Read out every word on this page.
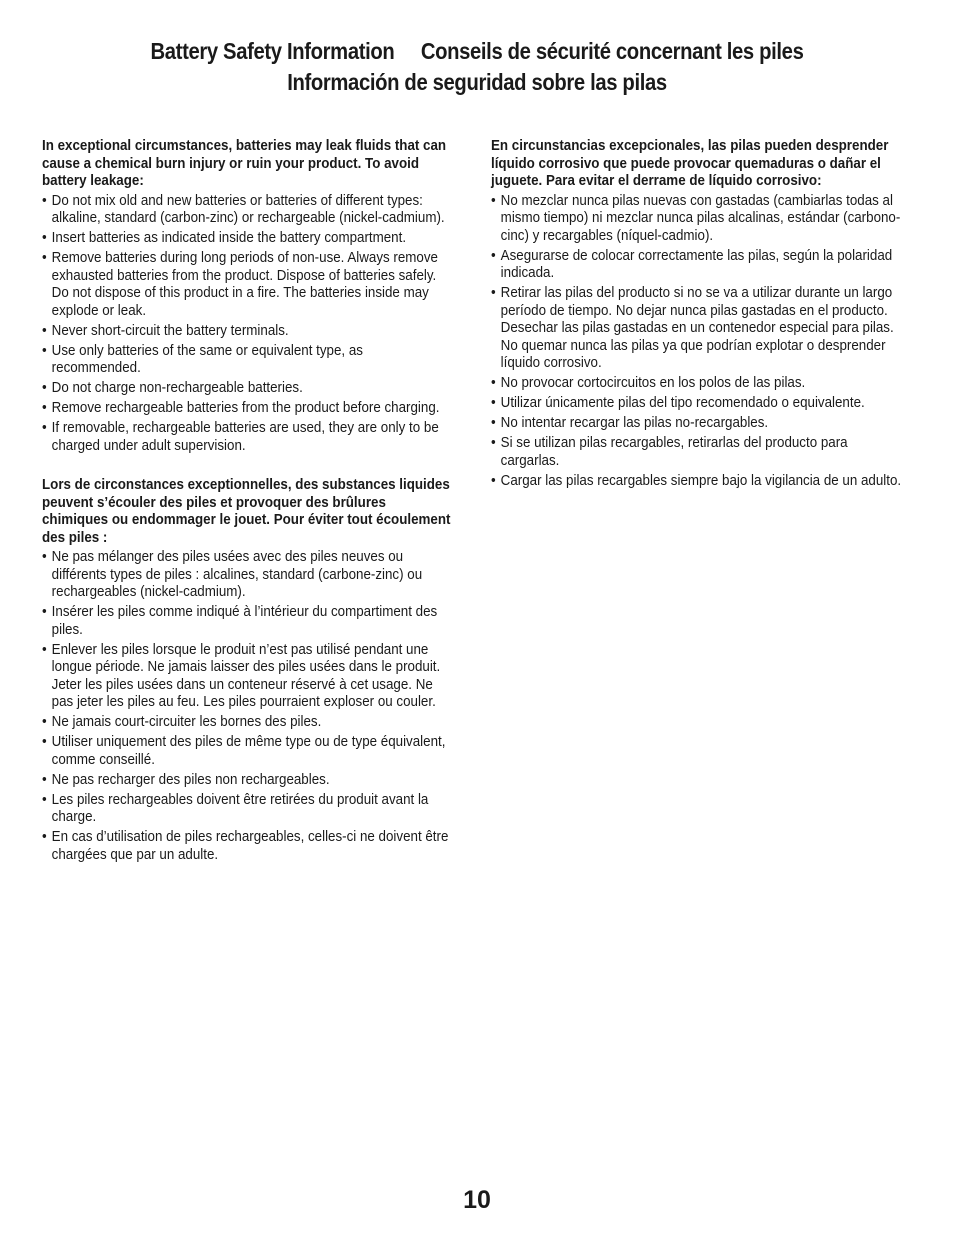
Battery Safety Information Conseils de sécurité concernant les piles
Información de seguridad sobre las pilas
In exceptional circumstances, batteries may leak fluids that can cause a chemical burn injury or ruin your product. To avoid battery leakage:
• Do not mix old and new batteries or batteries of different types: alkaline, standard (carbon-zinc) or rechargeable (nickel-cadmium).
• Insert batteries as indicated inside the battery compartment.
• Remove batteries during long periods of non-use. Always remove exhausted batteries from the product. Dispose of batteries safely. Do not dispose of this product in a fire. The batteries inside may explode or leak.
• Never short-circuit the battery terminals.
• Use only batteries of the same or equivalent type, as recommended.
• Do not charge non-rechargeable batteries.
• Remove rechargeable batteries from the product before charging.
• If removable, rechargeable batteries are used, they are only to be charged under adult supervision.
Lors de circonstances exceptionnelles, des substances liquides peuvent s’écouler des piles et provoquer des brûlures chimiques ou endommager le jouet. Pour éviter tout écoulement des piles :
• Ne pas mélanger des piles usées avec des piles neuves ou différents types de piles : alcalines, standard (carbone-zinc) ou rechargeables (nickel-cadmium).
• Insérer les piles comme indiqué à l’intérieur du compartiment des piles.
• Enlever les piles lorsque le produit n’est pas utilisé pendant une longue période. Ne jamais laisser des piles usées dans le produit. Jeter les piles usées dans un conteneur réservé à cet usage. Ne pas jeter les piles au feu. Les piles pourraient exploser ou couler.
• Ne jamais court-circuiter les bornes des piles.
• Utiliser uniquement des piles de même type ou de type équivalent, comme conseillé.
• Ne pas recharger des piles non rechargeables.
• Les piles rechargeables doivent être retirées du produit avant la charge.
• En cas d’utilisation de piles rechargeables, celles-ci ne doivent être chargées que par un adulte.
En circunstancias excepcionales, las pilas pueden desprender líquido corrosivo que puede provocar quemaduras o dañar el juguete. Para evitar el derrame de líquido corrosivo:
• No mezclar nunca pilas nuevas con gastadas (cambiarlas todas al mismo tiempo) ni mezclar nunca pilas alcalinas, estándar (carbono-cinc) y recargables (níquel-cadmio).
• Asegurarse de colocar correctamente las pilas, según la polaridad indicada.
• Retirar las pilas del producto si no se va a utilizar durante un largo período de tiempo. No dejar nunca pilas gastadas en el producto. Desechar las pilas gastadas en un contenedor especial para pilas. No quemar nunca las pilas ya que podrían explotar o desprender líquido corrosivo.
• No provocar cortocircuitos en los polos de las pilas.
• Utilizar únicamente pilas del tipo recomendado o equivalente.
• No intentar recargar las pilas no-recargables.
• Si se utilizan pilas recargables, retirarlas del producto para cargarlas.
• Cargar las pilas recargables siempre bajo la vigilancia de un adulto.
10
